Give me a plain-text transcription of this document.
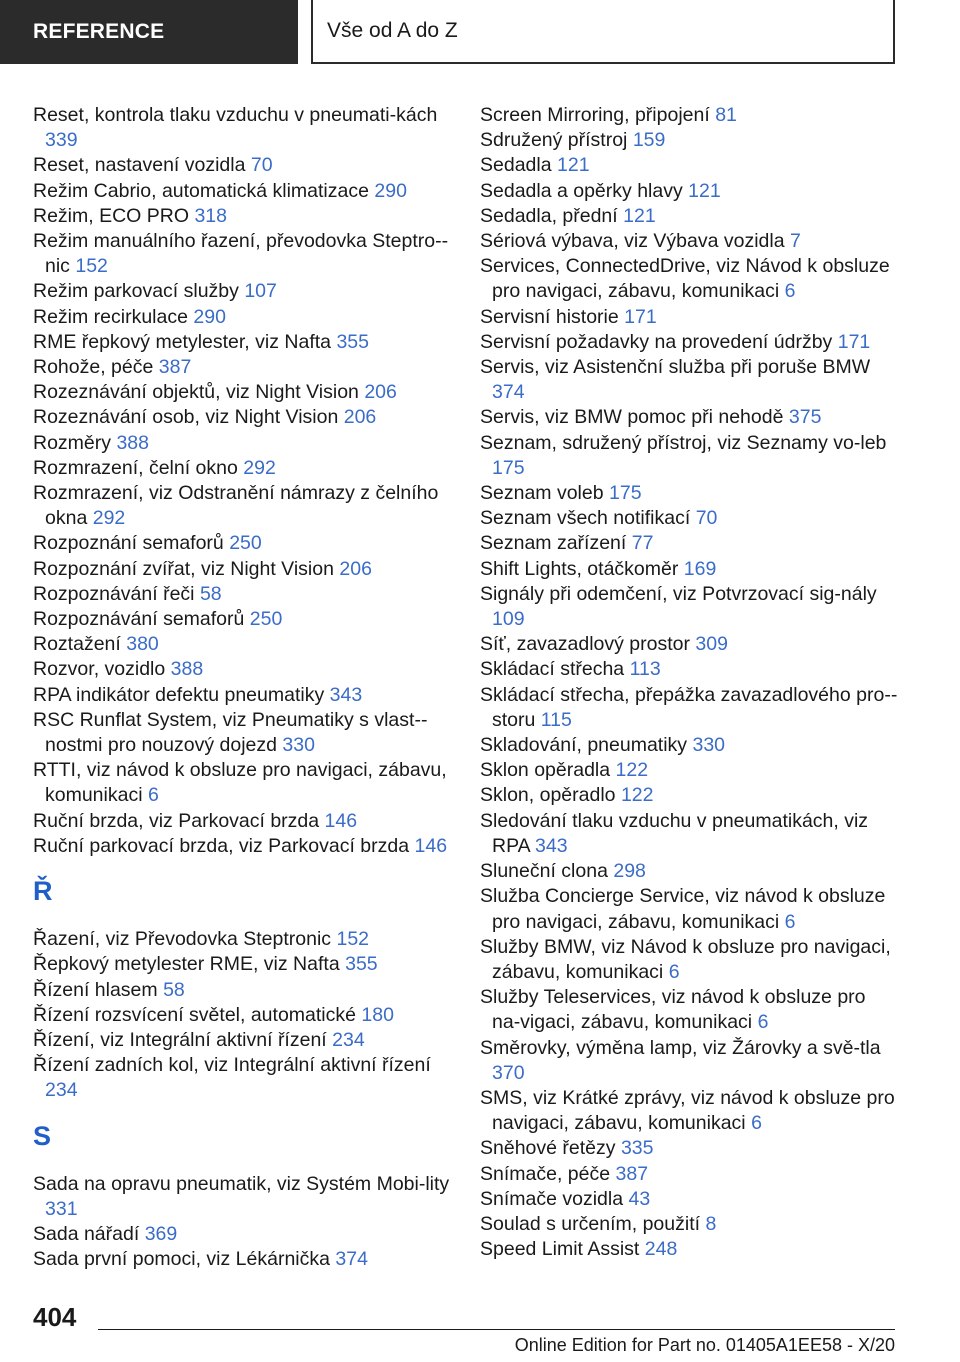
REFERENCE	Vše od A do Z

Reset, kontrola tlaku vzduchu v pneumati-kách 339

Reset, nastavení vozidla 70

Režim Cabrio, automatická klimatizace 290

Režim, ECO PRO 318

Režim manuálního řazení, převodovka Steptro-nic 152

Režim parkovací služby 107

Režim recirkulace 290

RME řepkový metylester, viz Nafta 355

Rohože, péče 387

Rozeznávání objektů, viz Night Vision 206

Rozeznávání osob, viz Night Vision 206

Rozměry 388

Rozmrazení, čelní okno 292

Rozmrazení, viz Odstranění námrazy z čelního okna 292

Rozpoznání semaforů 250

Rozpoznání zvířat, viz Night Vision 206

Rozpoznávání řeči 58

Rozpoznávání semaforů 250

Roztažení 380

Rozvor, vozidlo 388

RPA indikátor defektu pneumatiky 343

RSC Runflat System, viz Pneumatiky s vlast-nostmi pro nouzový dojezd 330

RTTI, viz návod k obsluze pro navigaci, zábavu, komunikaci 6

Ruční brzda, viz Parkovací brzda 146

Ruční parkovací brzda, viz Parkovací brzda 146

Ř

Řazení, viz Převodovka Steptronic 152

Řepkový metylester RME, viz Nafta 355

Řízení hlasem 58

Řízení rozsvícení světel, automatické 180

Řízení, viz Integrální aktivní řízení 234

Řízení zadních kol, viz Integrální aktivní řízení 234

S

Sada na opravu pneumatik, viz Systém Mobi-lity 331

Sada nářadí 369

Sada první pomoci, viz Lékárnička 374

Screen Mirroring, připojení 81

Sdružený přístroj 159

Sedadla 121

Sedadla a opěrky hlavy 121

Sedadla, přední 121

Sériová výbava, viz Výbava vozidla 7

Services, ConnectedDrive, viz Návod k obsluze pro navigaci, zábavu, komunikaci 6

Servisní historie 171

Servisní požadavky na provedení údržby 171

Servis, viz Asistenční služba při poruše BMW 374

Servis, viz BMW pomoc při nehodě 375

Seznam, sdružený přístroj, viz Seznamy vo-leb 175

Seznam voleb 175

Seznam všech notifikací 70

Seznam zařízení 77

Shift Lights, otáčkoměr 169

Signály při odemčení, viz Potvrzovací sig-nály 109

Síť, zavazadlový prostor 309

Skládací střecha 113

Skládací střecha, přepážka zavazadlového pro-storu 115

Skladování, pneumatiky 330

Sklon opěradla 122

Sklon, opěradlo 122

Sledování tlaku vzduchu v pneumatikách, viz RPA 343

Sluneční clona 298

Služba Concierge Service, viz návod k obsluze pro navigaci, zábavu, komunikaci 6

Služby BMW, viz Návod k obsluze pro navigaci, zábavu, komunikaci 6

Služby Teleservices, viz návod k obsluze pro na-vigaci, zábavu, komunikaci 6

Směrovky, výměna lamp, viz Žárovky a svě-tla 370

SMS, viz Krátké zprávy, viz návod k obsluze pro navigaci, zábavu, komunikaci 6

Sněhové řetězy 335

Snímače, péče 387

Snímače vozidla 43

Soulad s určením, použití 8

Speed Limit Assist 248

404
Online Edition for Part no. 01405A1EE58 - X/20
